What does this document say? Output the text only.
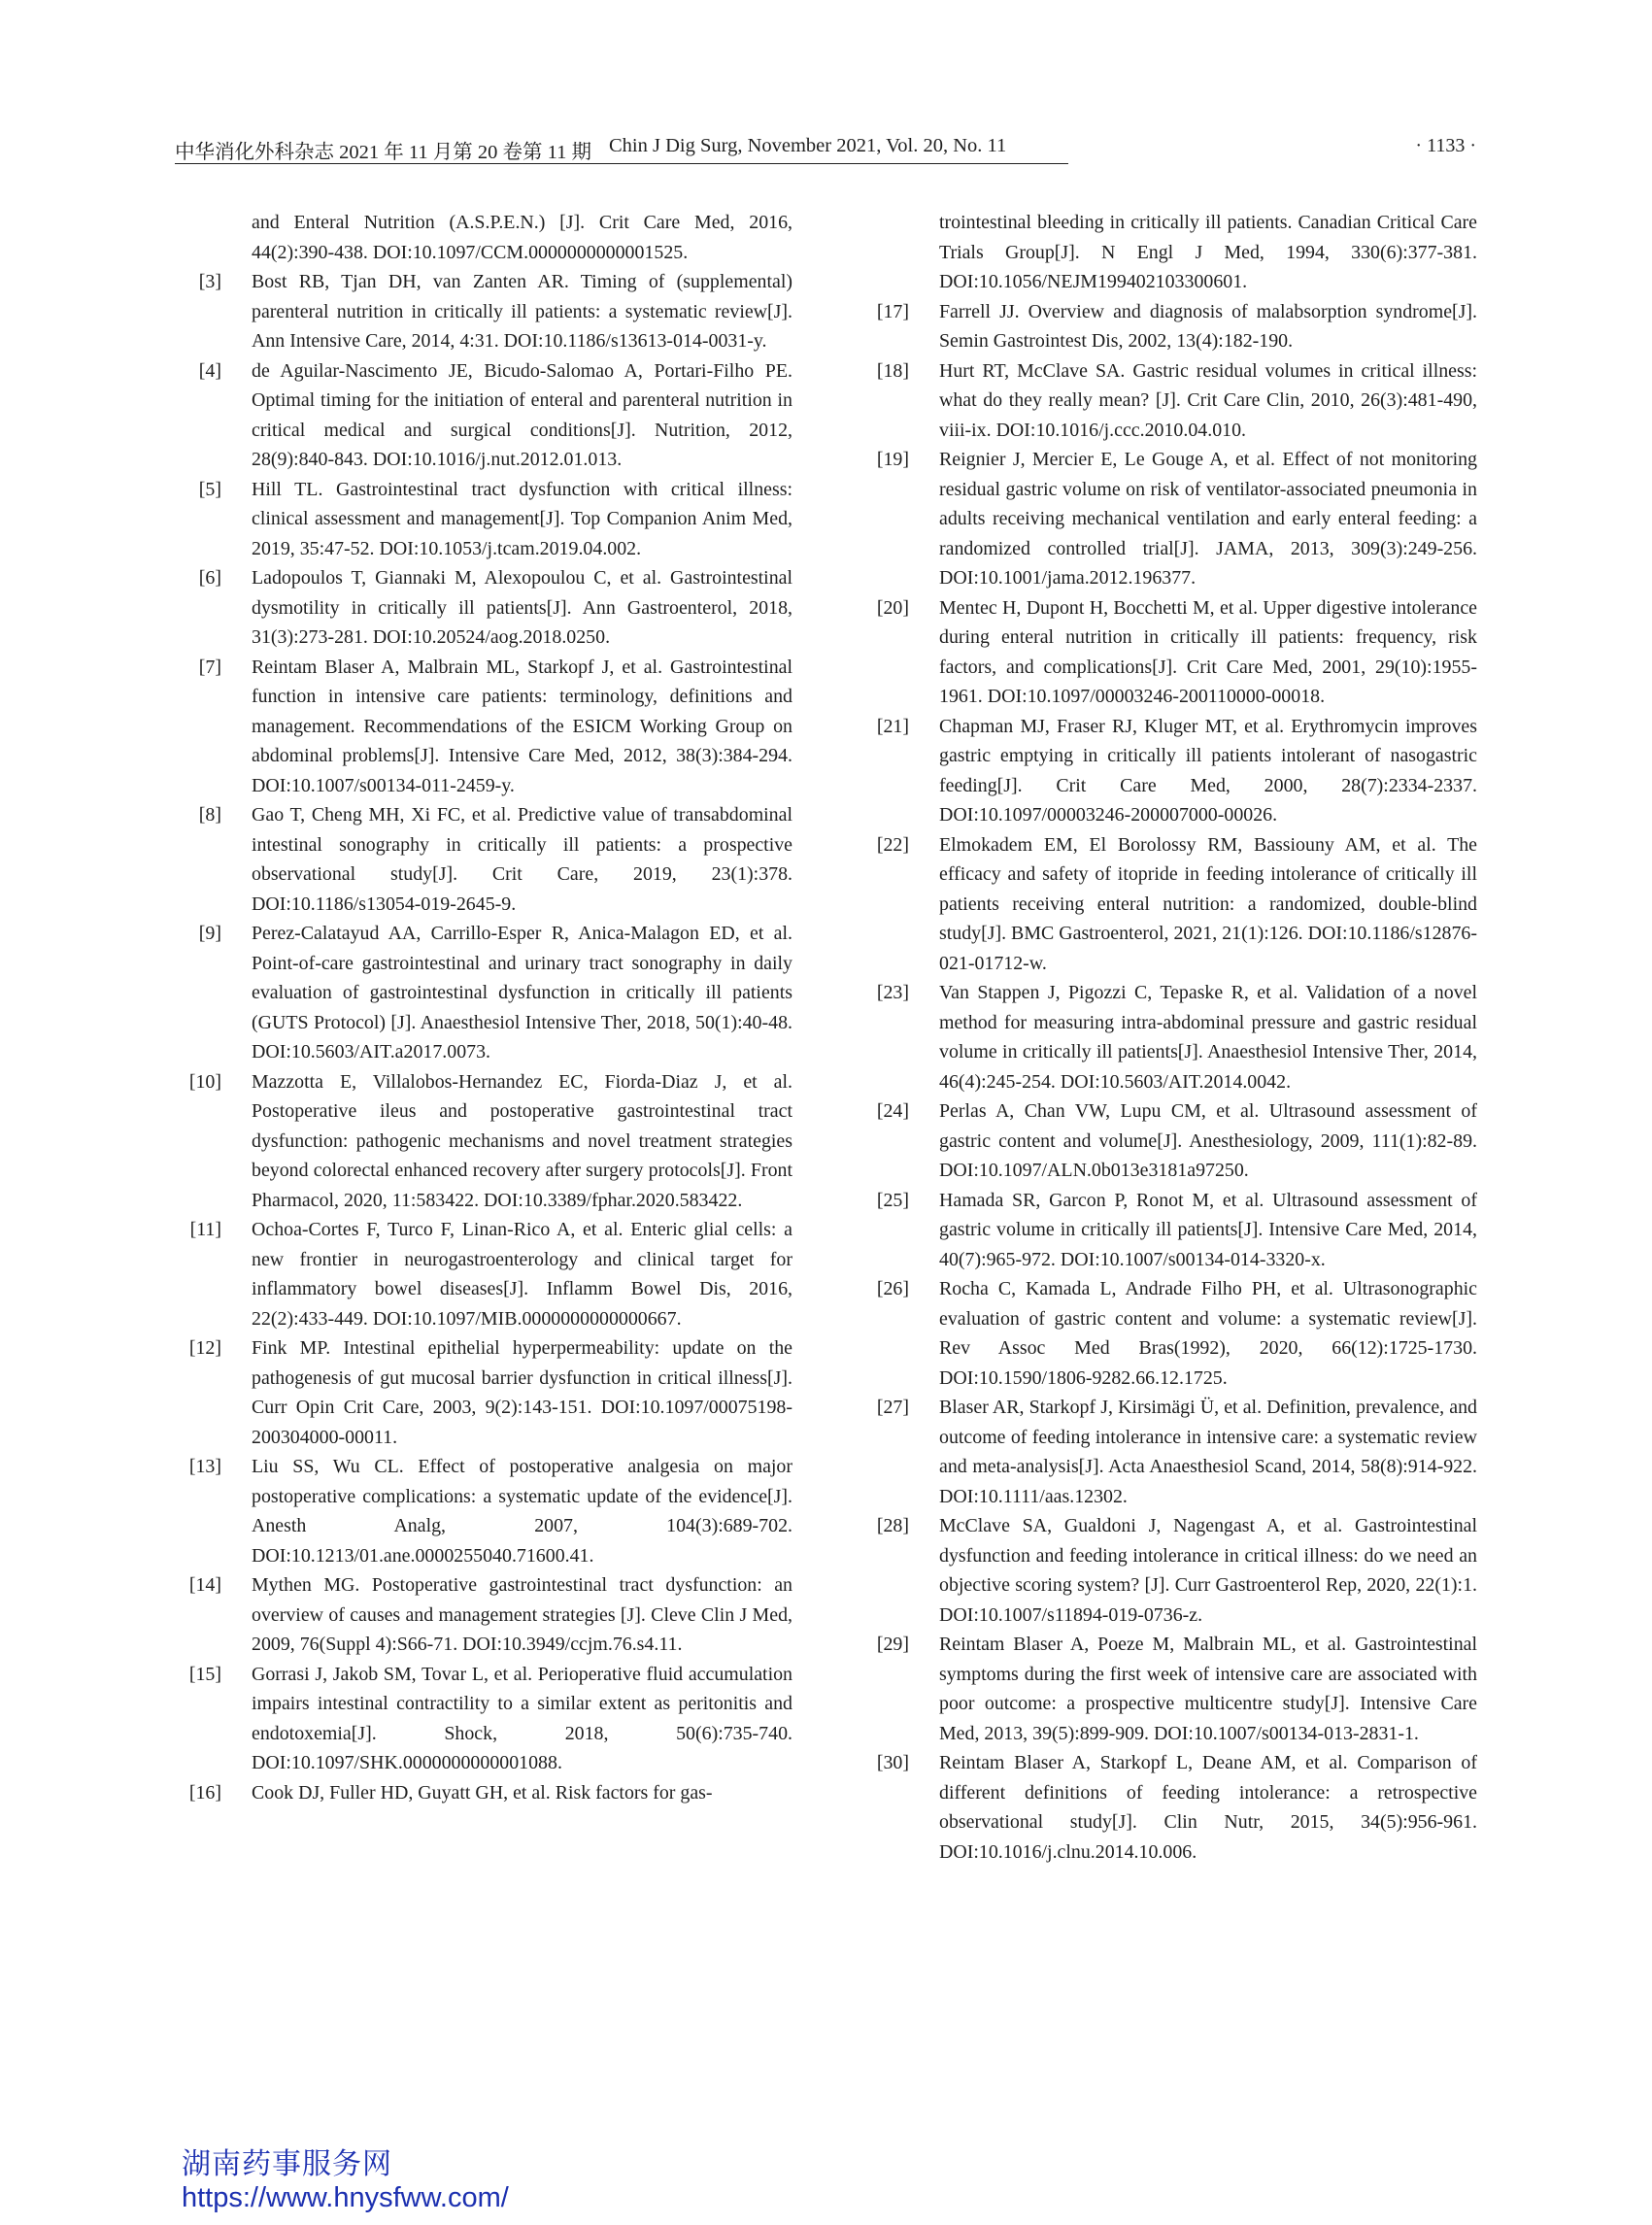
中华消化外科杂志 2021 年 11 月第 20 卷第 11 期 Chin J Dig Surg, November 2021, Vol. 20, No. 11	· 1133 ·

and Enteral Nutrition (A.S.P.E.N.) [J]. Crit Care Med, 2016, 44(2):390-438. DOI:10.1097/CCM.0000000000001525.

[3] Bost RB, Tjan DH, van Zanten AR. Timing of (supplemental) parenteral nutrition in critically ill patients: a systematic review[J]. Ann Intensive Care, 2014, 4:31. DOI:10.1186/s13613-014-0031-y.

[4] de Aguilar-Nascimento JE, Bicudo-Salomao A, Portari-Filho PE. Optimal timing for the initiation of enteral and parenteral nutrition in critical medical and surgical conditions[J]. Nutrition, 2012, 28(9):840-843. DOI:10.1016/j.nut.2012.01.013.

[5] Hill TL. Gastrointestinal tract dysfunction with critical illness: clinical assessment and management[J]. Top Companion Anim Med, 2019, 35:47-52. DOI:10.1053/j.tcam.2019.04.002.

[6] Ladopoulos T, Giannaki M, Alexopoulou C, et al. Gastrointestinal dysmotility in critically ill patients[J]. Ann Gastroenterol, 2018, 31(3):273-281. DOI:10.20524/aog.2018.0250.

[7] Reintam Blaser A, Malbrain ML, Starkopf J, et al. Gastrointestinal function in intensive care patients: terminology, definitions and management. Recommendations of the ESICM Working Group on abdominal problems[J]. Intensive Care Med, 2012, 38(3):384-294. DOI:10.1007/s00134-011-2459-y.

[8] Gao T, Cheng MH, Xi FC, et al. Predictive value of transabdominal intestinal sonography in critically ill patients: a prospective observational study[J]. Crit Care, 2019, 23(1):378. DOI:10.1186/s13054-019-2645-9.

[9] Perez-Calatayud AA, Carrillo-Esper R, Anica-Malagon ED, et al. Point-of-care gastrointestinal and urinary tract sonography in daily evaluation of gastrointestinal dysfunction in critically ill patients (GUTS Protocol) [J]. Anaesthesiol Intensive Ther, 2018, 50(1):40-48. DOI:10.5603/AIT.a2017.0073.

[10] Mazzotta E, Villalobos-Hernandez EC, Fiorda-Diaz J, et al. Postoperative ileus and postoperative gastrointestinal tract dysfunction: pathogenic mechanisms and novel treatment strategies beyond colorectal enhanced recovery after surgery protocols[J]. Front Pharmacol, 2020, 11:583422. DOI:10.3389/fphar.2020.583422.

[11] Ochoa-Cortes F, Turco F, Linan-Rico A, et al. Enteric glial cells: a new frontier in neurogastroenterology and clinical target for inflammatory bowel diseases[J]. Inflamm Bowel Dis, 2016, 22(2):433-449. DOI:10.1097/MIB.0000000000000667.

[12] Fink MP. Intestinal epithelial hyperpermeability: update on the pathogenesis of gut mucosal barrier dysfunction in critical illness[J]. Curr Opin Crit Care, 2003, 9(2):143-151. DOI:10.1097/00075198-200304000-00011.

[13] Liu SS, Wu CL. Effect of postoperative analgesia on major postoperative complications: a systematic update of the evidence[J]. Anesth Analg, 2007, 104(3):689-702. DOI:10.1213/01.ane.0000255040.71600.41.

[14] Mythen MG. Postoperative gastrointestinal tract dysfunction: an overview of causes and management strategies [J]. Cleve Clin J Med, 2009, 76(Suppl 4):S66-71. DOI:10.3949/ccjm.76.s4.11.

[15] Gorrasi J, Jakob SM, Tovar L, et al. Perioperative fluid accumulation impairs intestinal contractility to a similar extent as peritonitis and endotoxemia[J]. Shock, 2018, 50(6):735-740. DOI:10.1097/SHK.0000000000001088.

[16] Cook DJ, Fuller HD, Guyatt GH, et al. Risk factors for gas-

trointestinal bleeding in critically ill patients. Canadian Critical Care Trials Group[J]. N Engl J Med, 1994, 330(6):377-381. DOI:10.1056/NEJM199402103300601.

[17] Farrell JJ. Overview and diagnosis of malabsorption syndrome[J]. Semin Gastrointest Dis, 2002, 13(4):182-190.

[18] Hurt RT, McClave SA. Gastric residual volumes in critical illness: what do they really mean? [J]. Crit Care Clin, 2010, 26(3):481-490, viii-ix. DOI:10.1016/j.ccc.2010.04.010.

[19] Reignier J, Mercier E, Le Gouge A, et al. Effect of not monitoring residual gastric volume on risk of ventilator-associated pneumonia in adults receiving mechanical ventilation and early enteral feeding: a randomized controlled trial[J]. JAMA, 2013, 309(3):249-256. DOI:10.1001/jama.2012.196377.

[20] Mentec H, Dupont H, Bocchetti M, et al. Upper digestive intolerance during enteral nutrition in critically ill patients: frequency, risk factors, and complications[J]. Crit Care Med, 2001, 29(10):1955-1961. DOI:10.1097/00003246-200110000-00018.

[21] Chapman MJ, Fraser RJ, Kluger MT, et al. Erythromycin improves gastric emptying in critically ill patients intolerant of nasogastric feeding[J]. Crit Care Med, 2000, 28(7):2334-2337. DOI:10.1097/00003246-200007000-00026.

[22] Elmokadem EM, El Borolossy RM, Bassiouny AM, et al. The efficacy and safety of itopride in feeding intolerance of critically ill patients receiving enteral nutrition: a randomized, double-blind study[J]. BMC Gastroenterol, 2021, 21(1):126. DOI:10.1186/s12876-021-01712-w.

[23] Van Stappen J, Pigozzi C, Tepaske R, et al. Validation of a novel method for measuring intra-abdominal pressure and gastric residual volume in critically ill patients[J]. Anaesthesiol Intensive Ther, 2014, 46(4):245-254. DOI:10.5603/AIT.2014.0042.

[24] Perlas A, Chan VW, Lupu CM, et al. Ultrasound assessment of gastric content and volume[J]. Anesthesiology, 2009, 111(1):82-89. DOI:10.1097/ALN.0b013e3181a97250.

[25] Hamada SR, Garcon P, Ronot M, et al. Ultrasound assessment of gastric volume in critically ill patients[J]. Intensive Care Med, 2014, 40(7):965-972. DOI:10.1007/s00134-014-3320-x.

[26] Rocha C, Kamada L, Andrade Filho PH, et al. Ultrasonographic evaluation of gastric content and volume: a systematic review[J]. Rev Assoc Med Bras(1992), 2020, 66(12):1725-1730. DOI:10.1590/1806-9282.66.12.1725.

[27] Blaser AR, Starkopf J, Kirsimägi Ü, et al. Definition, prevalence, and outcome of feeding intolerance in intensive care: a systematic review and meta-analysis[J]. Acta Anaesthesiol Scand, 2014, 58(8):914-922. DOI:10.1111/aas.12302.

[28] McClave SA, Gualdoni J, Nagengast A, et al. Gastrointestinal dysfunction and feeding intolerance in critical illness: do we need an objective scoring system? [J]. Curr Gastroenterol Rep, 2020, 22(1):1. DOI:10.1007/s11894-019-0736-z.

[29] Reintam Blaser A, Poeze M, Malbrain ML, et al. Gastrointestinal symptoms during the first week of intensive care are associated with poor outcome: a prospective multicentre study[J]. Intensive Care Med, 2013, 39(5):899-909. DOI:10.1007/s00134-013-2831-1.

[30] Reintam Blaser A, Starkopf L, Deane AM, et al. Comparison of different definitions of feeding intolerance: a retrospective observational study[J]. Clin Nutr, 2015, 34(5):956-961. DOI:10.1016/j.clnu.2014.10.006.

湖南药事服务网
https://www.hnysfww.com/
